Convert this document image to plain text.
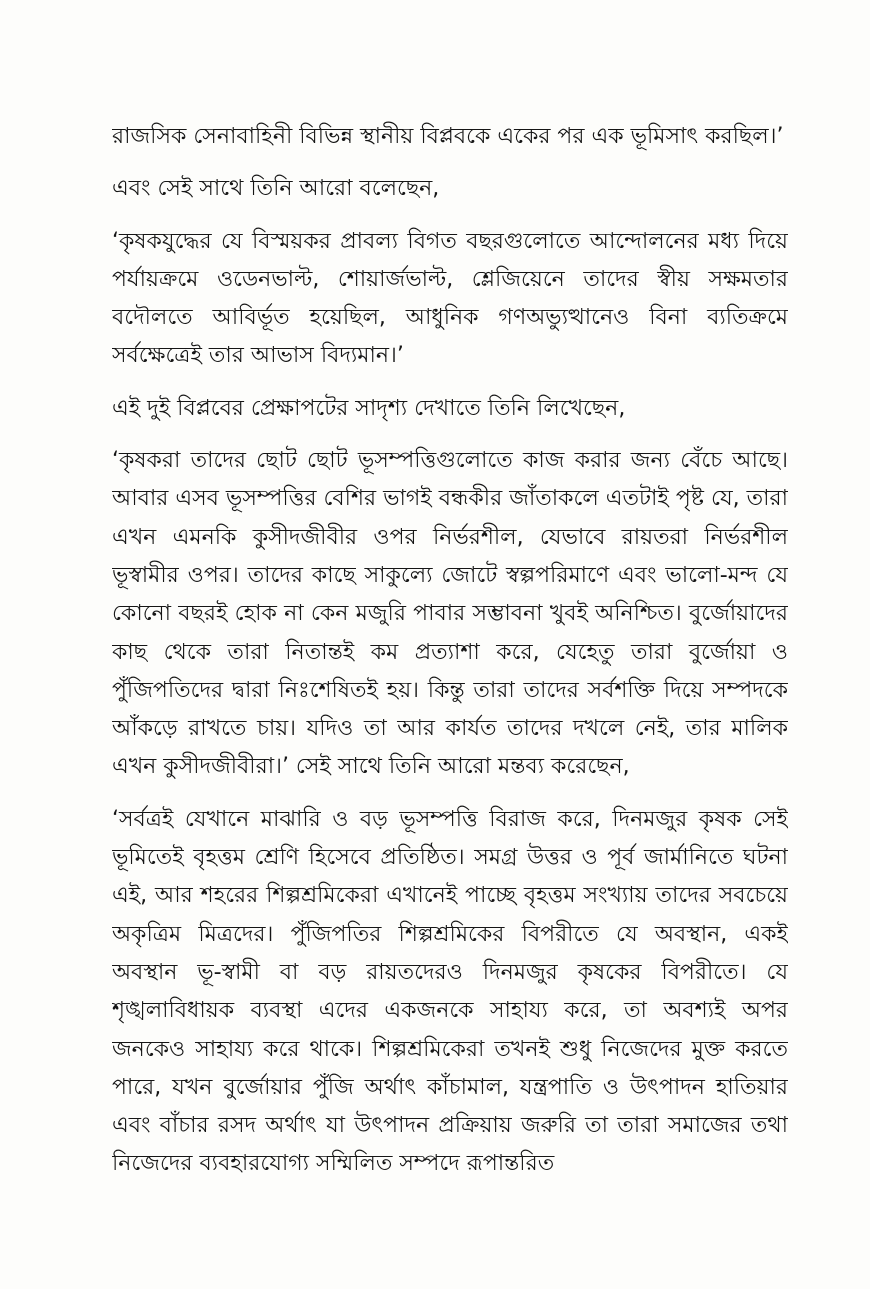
রাজসিক সেনাবাহিনী বিভিন্ন স্থানীয় বিপ্লবকে একের পর এক ভূমিসাৎ করছিল।’

এবং সেই সাথে তিনি আরো বলেছেন,

‘কৃষকযুদ্ধের যে বিস্ময়কর প্রাবল্য বিগত বছরগুলোতে আন্দোলনের মধ্য দিয়ে পর্যায়ক্রমে ওডেনভাল্ট, শোয়ার্জভাল্ট, শ্লেজিয়েনে তাদের স্বীয় সক্ষমতার বদৌলতে আবির্ভূত হয়েছিল, আধুনিক গণঅভ্যুত্থানেও বিনা ব্যতিক্রমে সর্বক্ষেত্রেই তার আভাস বিদ্যমান।’

এই দুই বিপ্লবের প্রেক্ষাপটের সাদৃশ্য দেখাতে তিনি লিখেছেন,

‘কৃষকরা তাদের ছোট ছোট ভূসম্পত্তিগুলোতে কাজ করার জন্য বেঁচে আছে। আবার এসব ভূসম্পত্তির বেশির ভাগই বন্ধকীর জাঁতাকলে এতটাই পৃষ্ট যে, তারা এখন এমনকি কুসীদজীবীর ওপর নির্ভরশীল, যেভাবে রায়তরা নির্ভরশীল ভূস্বামীর ওপর। তাদের কাছে সাকুল্যে জোটে স্বল্পপরিমাণে এবং ভালো-মন্দ যে কোনো বছরই হোক না কেন মজুরি পাবার সম্ভাবনা খুবই অনিশ্চিত। বুর্জোয়াদের কাছ থেকে তারা নিতান্তই কম প্রত্যাশা করে, যেহেতু তারা বুর্জোয়া ও পুঁজিপতিদের দ্বারা নিঃশেষিতই হয়। কিন্তু তারা তাদের সর্বশক্তি দিয়ে সম্পদকে আঁকড়ে রাখতে চায়। যদিও তা আর কার্যত তাদের দখলে নেই, তার মালিক এখন কুসীদজীবীরা।’ সেই সাথে তিনি আরো মন্তব্য করেছেন,

‘সর্বত্রই যেখানে মাঝারি ও বড় ভূসম্পত্তি বিরাজ করে, দিনমজুর কৃষক সেই ভূমিতেই বৃহত্তম শ্রেণি হিসেবে প্রতিষ্ঠিত। সমগ্র উত্তর ও পূর্ব জার্মানিতে ঘটনা এই, আর শহরের শিল্পশ্রমিকেরা এখানেই পাচ্ছে বৃহত্তম সংখ্যায় তাদের সবচেয়ে অকৃত্রিম মিত্রদের। পুঁজিপতির শিল্পশ্রমিকের বিপরীতে যে অবস্থান, একই অবস্থান ভূ-স্বামী বা বড় রায়তদেরও দিনমজুর কৃষকের বিপরীতে। যে শৃঙ্খলাবিধায়ক ব্যবস্থা এদের একজনকে সাহায্য করে, তা অবশ্যই অপর জনকেও সাহায্য করে থাকে। শিল্পশ্রমিকেরা তখনই শুধু নিজেদের মুক্ত করতে পারে, যখন বুর্জোয়ার পুঁজি অর্থাৎ কাঁচামাল, যন্ত্রপাতি ও উৎপাদন হাতিয়ার এবং বাঁচার রসদ অর্থাৎ যা উৎপাদন প্রক্রিয়ায় জরুরি তা তারা সমাজের তথা নিজেদের ব্যবহারযোগ্য সম্মিলিত সম্পদে রূপান্তরিত
